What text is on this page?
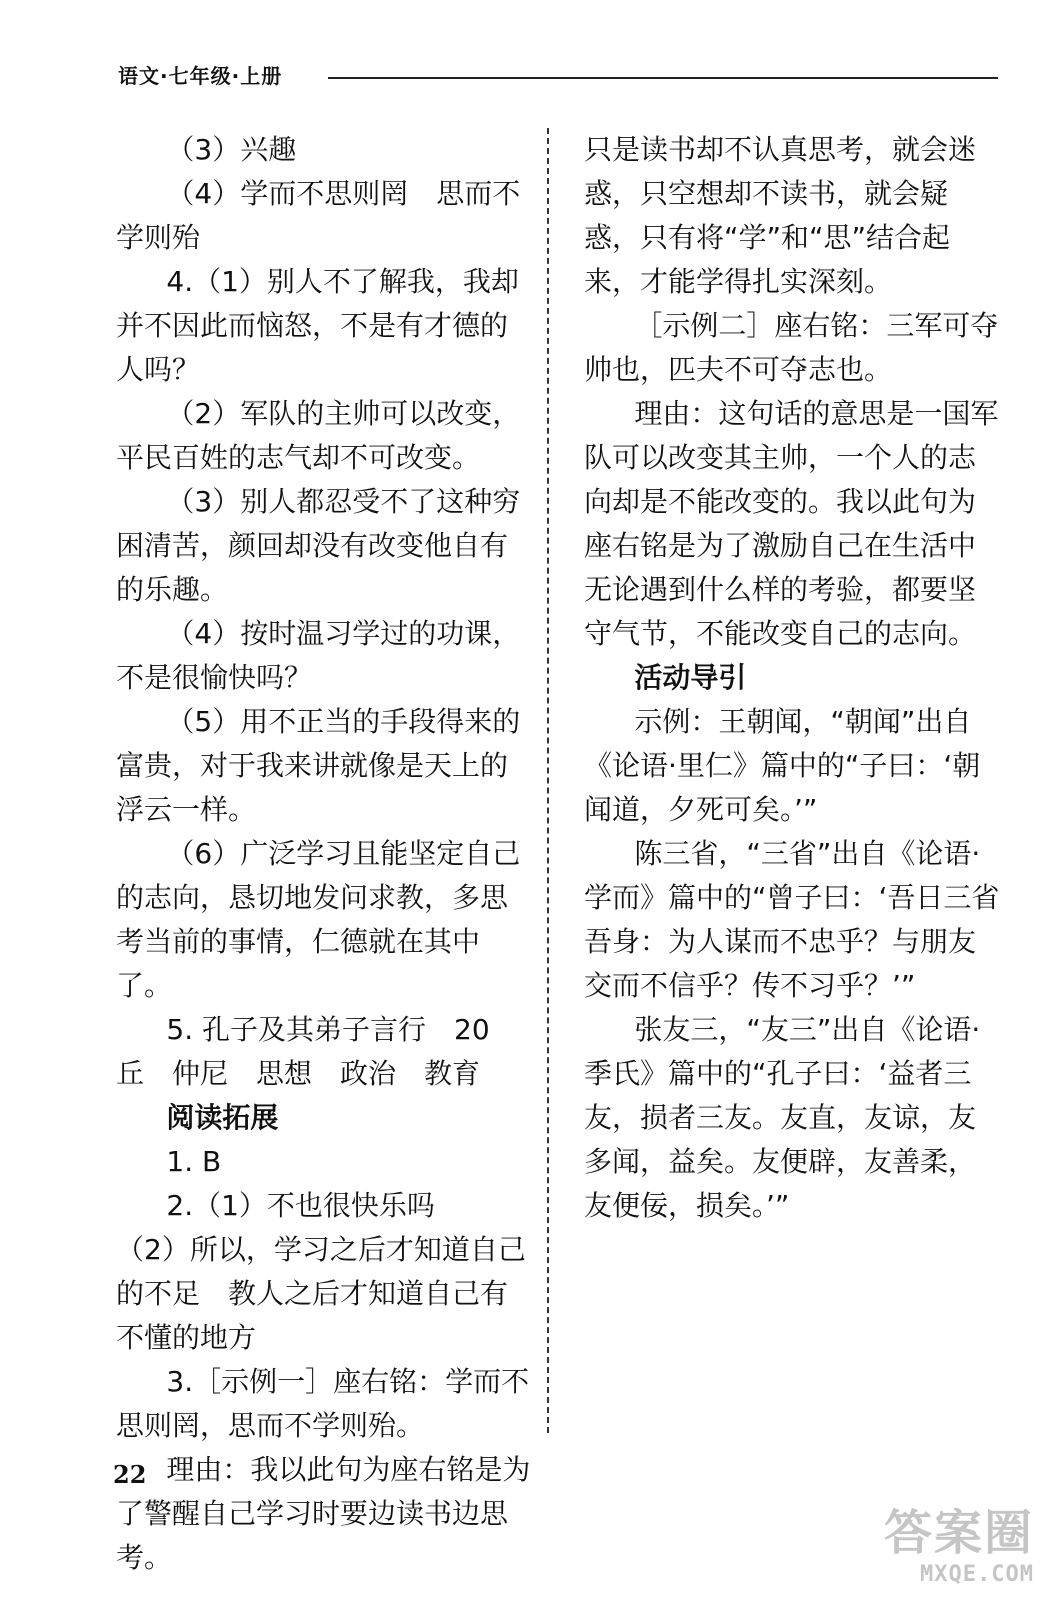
语文·七年级·上册

（3）兴趣

（4）学而不思则罔　思而不学则殆

4.（1）别人不了解我，我却并不因此而恼怒，不是有才德的人吗？

（2）军队的主帅可以改变，平民百姓的志气却不可改变。

（3）别人都忍受不了这种穷困清苦，颜回却没有改变他自有的乐趣。

（4）按时温习学过的功课，不是很愉快吗？

（5）用不正当的手段得来的富贵，对于我来讲就像是天上的浮云一样。

（6）广泛学习且能坚定自己的志向，恳切地发问求教，多思考当前的事情，仁德就在其中了。

5. 孔子及其弟子言行　20　丘　仲尼　思想　政治　教育

阅读拓展

1. B

2.（1）不也很快乐吗

（2）所以，学习之后才知道自己的不足　教人之后才知道自己有不懂的地方

3.［示例一］座右铭：学而不思则罔，思而不学则殆。

理由：我以此句为座右铭是为了警醒自己学习时要边读书边思考。

只是读书却不认真思考，就会迷惑，只空想却不读书，就会疑惑，只有将“学”和“思”结合起来，才能学得扎实深刻。

［示例二］座右铭：三军可夺帅也，匹夫不可夺志也。

理由：这句话的意思是一国军队可以改变其主帅，一个人的志向却是不能改变的。我以此句为座右铭是为了激励自己在生活中无论遇到什么样的考验，都要坚守气节，不能改变自己的志向。

活动导引

示例：王朝闻，“朝闻”出自《论语·里仁》篇中的“子曰：‘朝闻道，夕死可矣。’”

陈三省，“三省”出自《论语·学而》篇中的“曾子曰：‘吾日三省吾身：为人谋而不忠乎？与朋友交而不信乎？传不习乎？’”

张友三，“友三”出自《论语·季氏》篇中的“孔子曰：‘益者三友，损者三友。友直，友谅，友多闻，益矣。友便辟，友善柔，友便佞，损矣。’”

22
答案圈
MXQE.COM
